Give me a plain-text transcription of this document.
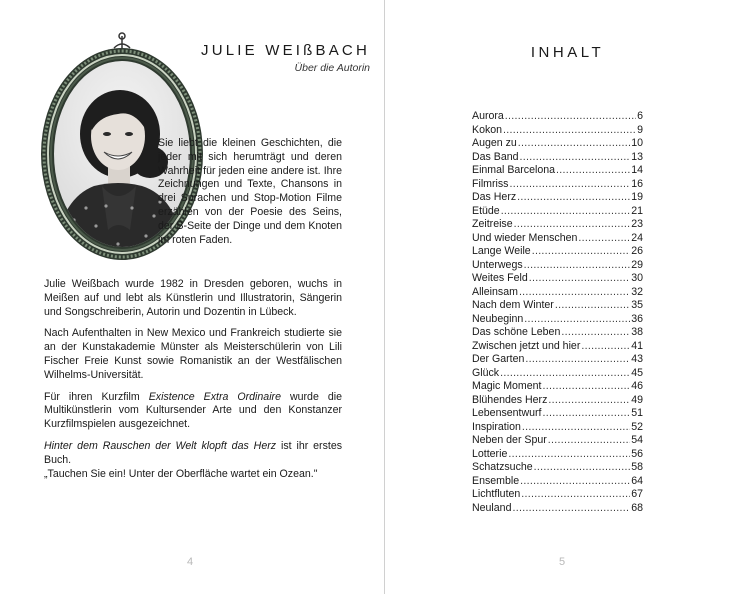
JULIE WEIßBACH
Über die Autorin

Sie liebt die kleinen Geschichten, die jeder mit sich herumträgt und deren Wahrheit für jeden eine andere ist. Ihre Zeichnungen und Texte, Chansons in drei Sprachen und Stop-Motion Filme erzählen von der Poesie des Seins, der B-Seite der Dinge und dem Knoten im roten Faden.

Julie Weißbach wurde 1982 in Dresden geboren, wuchs in Meißen auf und lebt als Künstlerin und Illustratorin, Sängerin und Songschreiberin, Autorin und Dozentin in Lübeck.

Nach Aufenthalten in New Mexico und Frankreich studierte sie an der Kunstakademie Münster als Meisterschülerin von Lili Fischer Freie Kunst sowie Romanistik an der Westfälischen Wilhelms-Universität.

Für ihren Kurzfilm Existence Extra Ordinaire wurde die Multikünstlerin vom Kultursender Arte und den Konstanzer Kurzfilmspielen ausgezeichnet.

Hinter dem Rauschen der Welt klopft das Herz ist ihr erstes Buch.

„Tauchen Sie ein! Unter der Oberfläche wartet ein Ozean."

4
INHALT
Aurora .....	6
Kokon .....	9
Augen zu .....	10
Das Band .....	13
Einmal Barcelona .....	14
Filmriss .....	16
Das Herz .....	19
Etüde .....	21
Zeitreise .....	23
Und wieder Menschen .....	24
Lange Weile .....	26
Unterwegs .....	29
Weites Feld .....	30
Alleinsam .....	32
Nach dem Winter .....	35
Neubeginn .....	36
Das schöne Leben .....	38
Zwischen jetzt und hier .....	41
Der Garten .....	43
Glück .....	45
Magic Moment .....	46
Blühendes Herz .....	49
Lebensentwurf .....	51
Inspiration .....	52
Neben der Spur .....	54
Lotterie .....	56
Schatzsuche .....	58
Ensemble .....	64
Lichtfluten .....	67
Neuland .....	68
5
